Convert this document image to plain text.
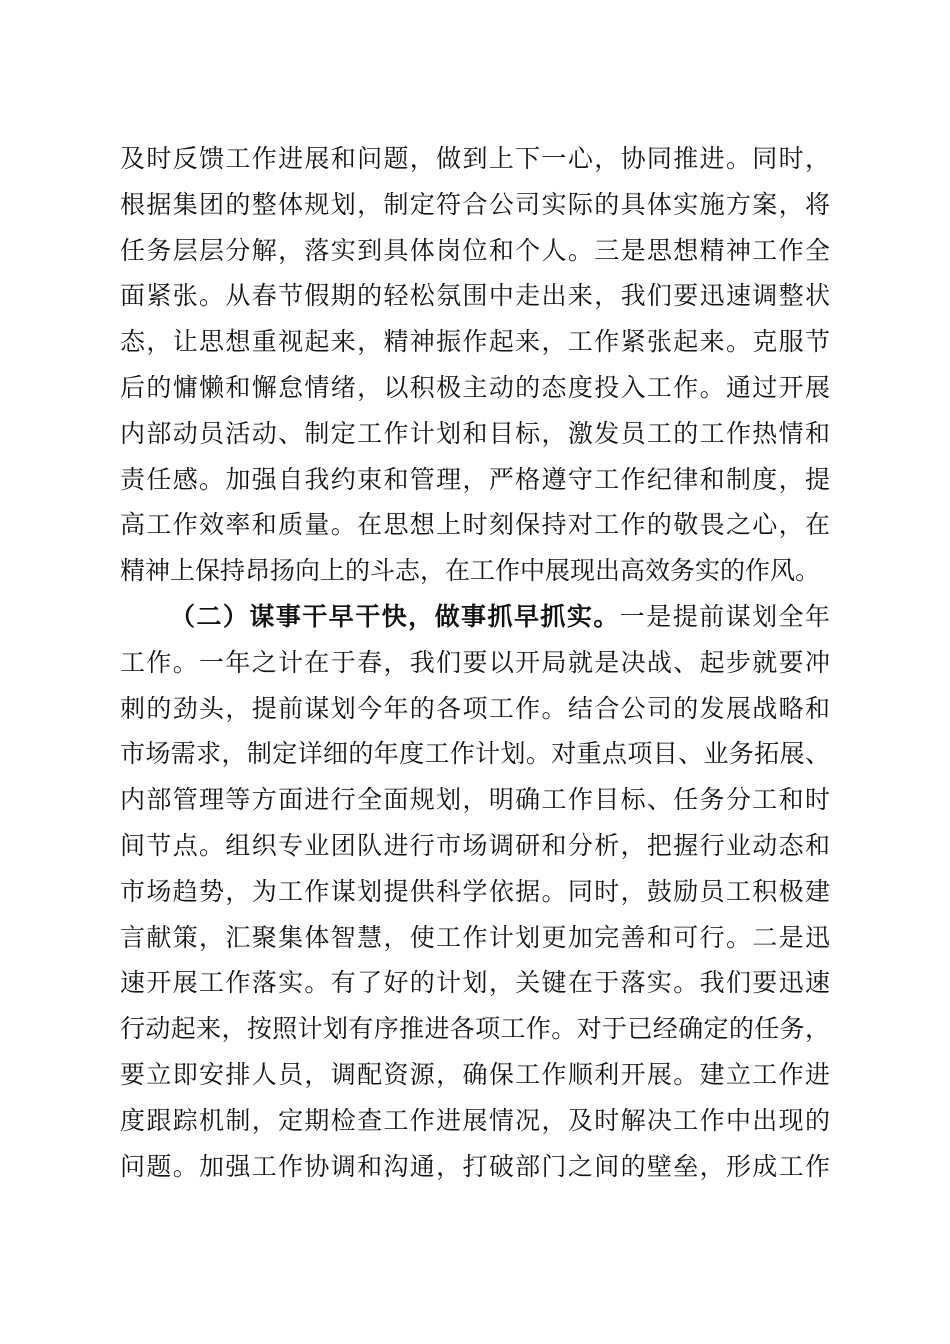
及时反馈工作进展和问题，做到上下一心，协同推进。同时，
根据集团的整体规划，制定符合公司实际的具体实施方案，将
任务层层分解，落实到具体岗位和个人。三是思想精神工作全
面紧张。从春节假期的轻松氛围中走出来，我们要迅速调整状
态，让思想重视起来，精神振作起来，工作紧张起来。克服节
后的慵懒和懈怠情绪，以积极主动的态度投入工作。通过开展
内部动员活动、制定工作计划和目标，激发员工的工作热情和
责任感。加强自我约束和管理，严格遵守工作纪律和制度，提
高工作效率和质量。在思想上时刻保持对工作的敬畏之心，在
精神上保持昂扬向上的斗志，在工作中展现出高效务实的作风。
（二）谋事干早干快，做事抓早抓实。一是提前谋划全年
工作。一年之计在于春，我们要以开局就是决战、起步就要冲
刺的劲头，提前谋划今年的各项工作。结合公司的发展战略和
市场需求，制定详细的年度工作计划。对重点项目、业务拓展、
内部管理等方面进行全面规划，明确工作目标、任务分工和时
间节点。组织专业团队进行市场调研和分析，把握行业动态和
市场趋势，为工作谋划提供科学依据。同时，鼓励员工积极建
言献策，汇聚集体智慧，使工作计划更加完善和可行。二是迅
速开展工作落实。有了好的计划，关键在于落实。我们要迅速
行动起来，按照计划有序推进各项工作。对于已经确定的任务，
要立即安排人员，调配资源，确保工作顺利开展。建立工作进
度跟踪机制，定期检查工作进展情况，及时解决工作中出现的
问题。加强工作协调和沟通，打破部门之间的壁垒，形成工作
